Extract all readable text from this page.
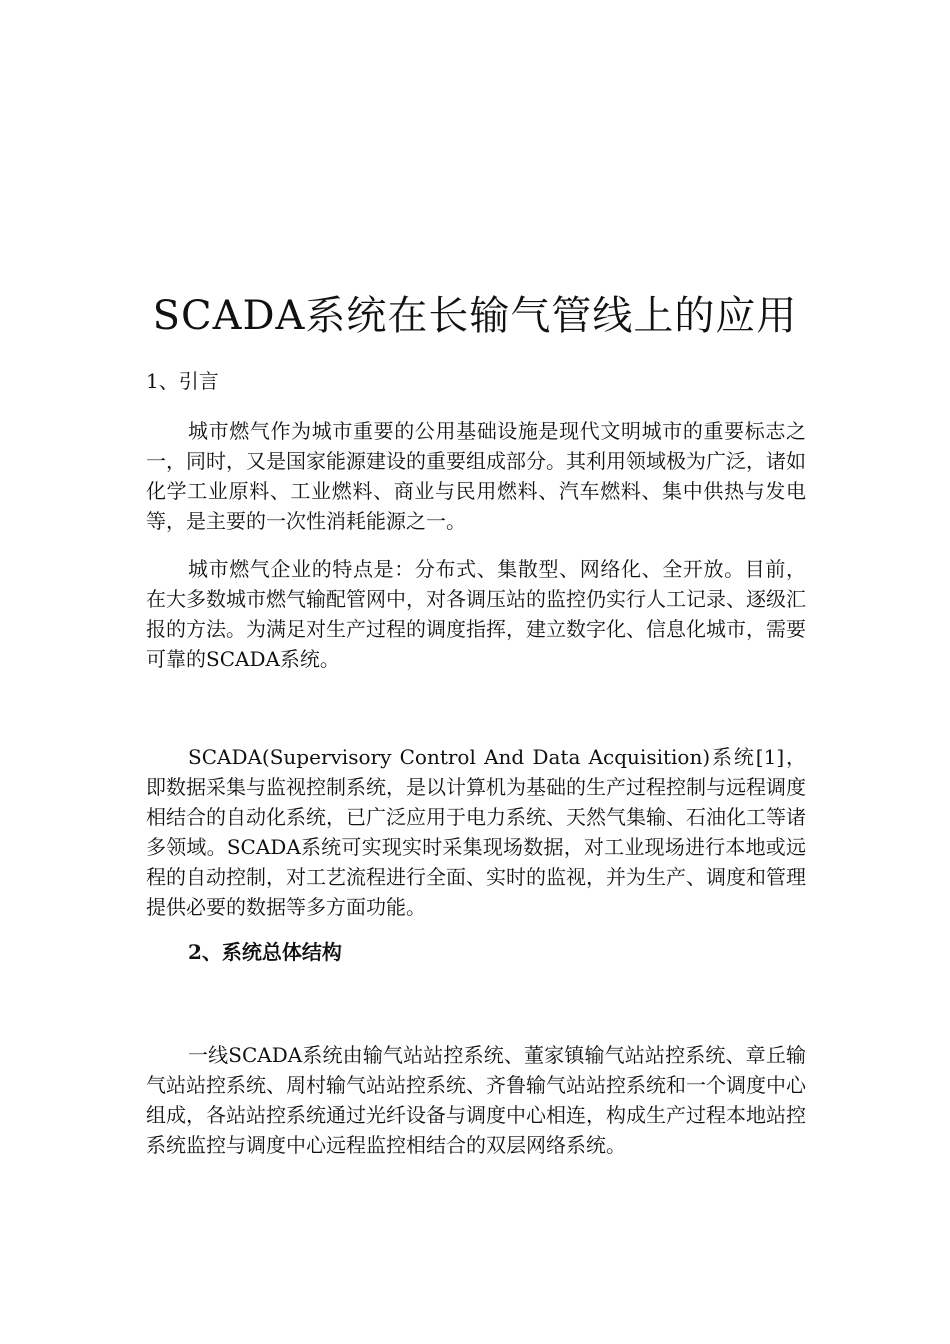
SCADA系统在长输气管线上的应用
1、引言

城市燃气作为城市重要的公用基础设施是现代文明城市的重要标志之一，同时，又是国家能源建设的重要组成部分。其利用领域极为广泛，诸如化学工业原料、工业燃料、商业与民用燃料、汽车燃料、集中供热与发电等，是主要的一次性消耗能源之一。

城市燃气企业的特点是：分布式、集散型、网络化、全开放。目前，在大多数城市燃气输配管网中，对各调压站的监控仍实行人工记录、逐级汇报的方法。为满足对生产过程的调度指挥，建立数字化、信息化城市，需要可靠的SCADA系统。

SCADA(Supervisory Control And Data Acquisition)系统[1]，即数据采集与监视控制系统，是以计算机为基础的生产过程控制与远程调度相结合的自动化系统，已广泛应用于电力系统、天然气集输、石油化工等诸多领域。SCADA系统可实现实时采集现场数据，对工业现场进行本地或远程的自动控制，对工艺流程进行全面、实时的监视，并为生产、调度和管理提供必要的数据等多方面功能。

2、系统总体结构

一线SCADA系统由输气站站控系统、董家镇输气站站控系统、章丘输气站站控系统、周村输气站站控系统、齐鲁输气站站控系统和一个调度中心组成，各站站控系统通过光纤设备与调度中心相连，构成生产过程本地站控系统监控与调度中心远程监控相结合的双层网络系统。
